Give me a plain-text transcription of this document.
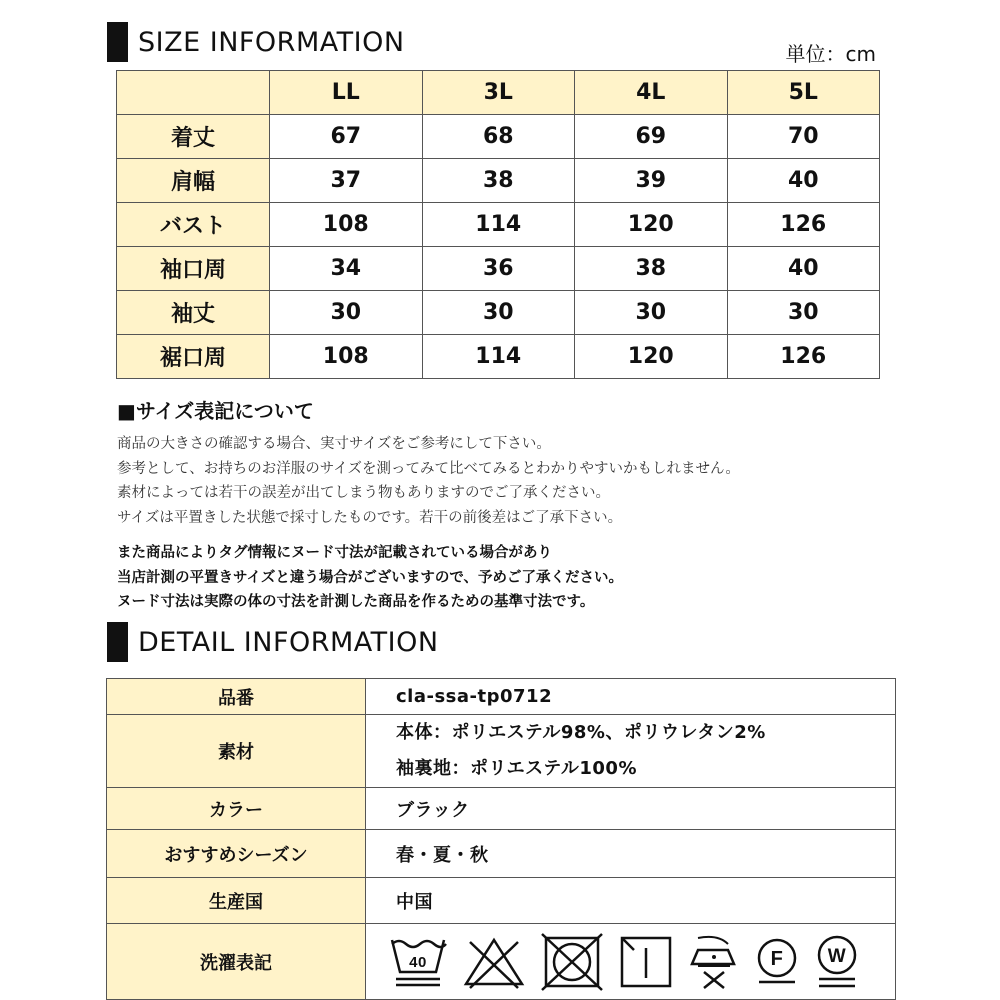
SIZE INFORMATION	単位：cm
	LL	3L	4L	5L
着丈	67	68	69	70
肩幅	37	38	39	40
バスト	108	114	120	126
袖口周	34	36	38	40
袖丈	30	30	30	30
裾口周	108	114	120	126
■サイズ表記について
商品の大きさの確認する場合、実寸サイズをご参考にして下さい。
参考として、お持ちのお洋服のサイズを測ってみて比べてみるとわかりやすいかもしれません。
素材によっては若干の誤差が出てしまう物もありますのでご了承ください。
サイズは平置きした状態で採寸したものです。若干の前後差はご了承下さい。
また商品によりタグ情報にヌード寸法が記載されている場合があり
当店計測の平置きサイズと違う場合がございますので、予めご了承ください。
ヌード寸法は実際の体の寸法を計測した商品を作るための基準寸法です。
DETAIL INFORMATION
品番	cla-ssa-tp0712
素材	本体：ポリエステル98%、ポリウレタン2%
袖裏地：ポリエステル100%

カラー	ブラック
おすすめシーズン	春・夏・秋
生産国	中国
洗濯表記	40 F W
